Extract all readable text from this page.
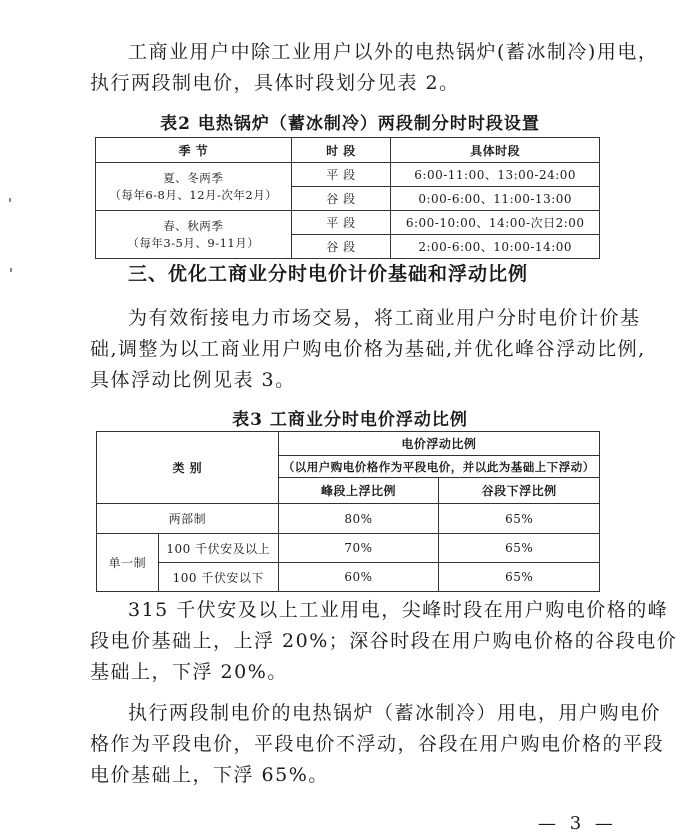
工商业用户中除工业用户以外的电热锅炉(蓄冰制冷)用电，
执行两段制电价，具体时段划分见表 2。

表2 电热锅炉（蓄冰制冷）两段制分时时段设置
季 节	时 段	具体时段

夏、冬两季
（每年6-8月、12月-次年2月）	平 段	6:00-11:00、13:00-24:00
	谷 段	0:00-6:00、11:00-13:00

春、秋两季
（每年3-5月、9-11月）	平 段	6:00-10:00、14:00-次日2:00
	谷 段	2:00-6:00、10:00-14:00
三、优化工商业分时电价计价基础和浮动比例

为有效衔接电力市场交易，将工商业用户分时电价计价基
础,调整为以工商业用户购电价格为基础,并优化峰谷浮动比例,
具体浮动比例见表 3。

表3 工商业分时电价浮动比例
类 别		电价浮动比例	
		（以用户购电价格作为平段电价，并以此为基础上下浮动）	
		峰段上浮比例	谷段下浮比例
两部制		80%	65%
单一制	100 千伏安及以上	70%	65%
	100 千伏安以下	60%	65%

315 千伏安及以上工业用电，尖峰时段在用户购电价格的峰
段电价基础上，上浮 20%；深谷时段在用户购电价格的谷段电价
基础上，下浮 20%。

执行两段制电价的电热锅炉（蓄冰制冷）用电，用户购电价
格作为平段电价，平段电价不浮动，谷段在用户购电价格的平段
电价基础上，下浮 65%。

— 3 —
